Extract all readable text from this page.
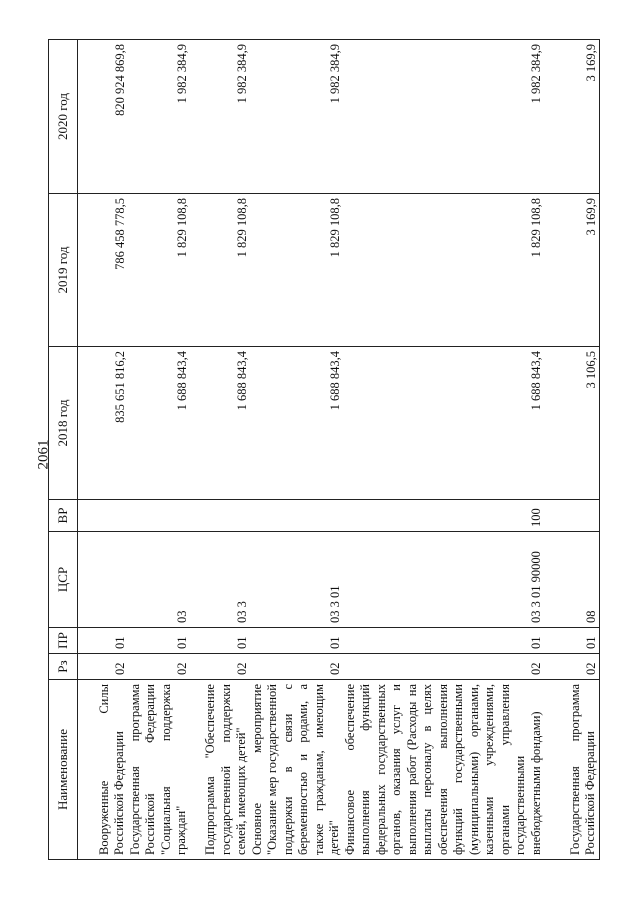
2061
Наименование	Рз	ПР	ЦСР	ВР	2018 год	2019 год	2020 год
Вооруженные Силы Российской Федерации	02	01			835 651 816,2	786 458 778,5	820 924 869,8
Государственная программа Российской Федерации "Социальная поддержка граждан"	02	01	03		1 688 843,4	1 829 108,8	1 982 384,9
Подпрограмма "Обеспечение государственной поддержки семей, имеющих детей"	02	01	03 3		1 688 843,4	1 829 108,8	1 982 384,9
Основное мероприятие "Оказание мер государственной поддержки в связи с беременностью и родами, а также гражданам, имеющим детей"	02	01	03 3 01		1 688 843,4	1 829 108,8	1 982 384,9
Финансовое обеспечение выполнения функций федеральных государственных органов, оказания услуг и выполнения работ (Расходы на выплаты персоналу в целях обеспечения выполнения функций государственными (муниципальными) органами, казенными учреждениями, органами управления государственными внебюджетными фондами)	02	01	03 3 01 90000	100	1 688 843,4	1 829 108,8	1 982 384,9
Государственная программа Российской Федерации	02	01	08		3 106,5	3 169,9	3 169,9
